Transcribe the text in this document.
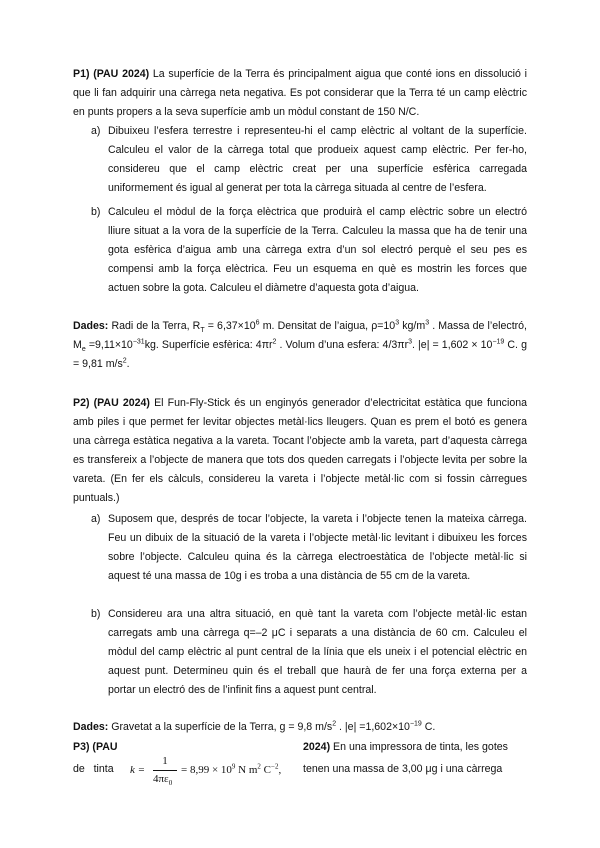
P1) (PAU 2024) La superfície de la Terra és principalment aigua que conté ions en dissolució i que li fan adquirir una càrrega neta negativa. Es pot considerar que la Terra té un camp elèctric en punts propers a la seva superfície amb un mòdul constant de 150 N/C.
a) Dibuixeu l’esfera terrestre i representeu-hi el camp elèctric al voltant de la superfície. Calculeu el valor de la càrrega total que produeix aquest camp elèctric. Per fer-ho, considereu que el camp elèctric creat per una superfície esfèrica carregada uniformement és igual al generat per tota la càrrega situada al centre de l’esfera.
b) Calculeu el mòdul de la força elèctrica que produirà el camp elèctric sobre un electró lliure situat a la vora de la superfície de la Terra. Calculeu la massa que ha de tenir una gota esfèrica d’aigua amb una càrrega extra d’un sol electró perquè el seu pes es compensi amb la força elèctrica. Feu un esquema en què es mostrin les forces que actuen sobre la gota. Calculeu el diàmetre d’aquesta gota d’aigua.
Dades: Radi de la Terra, $R_T = 6,37\times 10^6$ m. Densitat de l’aigua, $\rho=10^3$ $kg/m^3$ . Massa de l’electró, $M_e =9,11\times 10^{-31}kg$. Superfície esfèrica: $4\pi r^2$ . Volum d’una esfera: $4/3\pi r^3$. $|e| = 1,602 \times 10^{-19}$ C. g = 9,81 $m/s^2$.
P2) (PAU 2024) El Fun-Fly-Stick és un enginyós generador d’electricitat estàtica que funciona amb piles i que permet fer levitar objectes metàl·lics lleugers. Quan es prem el botó es genera una càrrega estàtica negativa a la vareta. Tocant l’objecte amb la vareta, part d’aquesta càrrega es transfereix a l’objecte de manera que tots dos queden carregats i l’objecte levita per sobre la vareta. (En fer els càlculs, considereu la vareta i l’objecte metàl·lic com si fossin càrregues puntuals.)
a) Suposem que, després de tocar l’objecte, la vareta i l’objecte tenen la mateixa càrrega. Feu un dibuix de la situació de la vareta i l’objecte metàl·lic levitant i dibuixeu les forces sobre l’objecte. Calculeu quina és la càrrega electroestàtica de l’objecte metàl·lic si aquest té una massa de 10g i es troba a una distància de 55 cm de la vareta.
b) Considereu ara una altra situació, en què tant la vareta com l’objecte metàl·lic estan carregats amb una càrrega q=–2 μC i separats a una distància de 60 cm. Calculeu el mòdul del camp elèctric al punt central de la línia que els uneix i el potencial elèctric en aquest punt. Determineu quin és el treball que haurà de fer una força externa per a portar un electró des de l’infinit fins a aquest punt central.
Dades: Gravetat a la superfície de la Terra, g = 9,8 $m/s^2$ . $|e| =1,602\times 10^{-19}$ C.
P3) (PAU	2024) En una impressora de tinta, les gotes
de   tinta k =
1
$4\pi\varepsilon_0$
= $8,99 \times 10^9$ N $m^2$ $C^{-2}$, tenen una massa de 3,00 μg i una càrrega
